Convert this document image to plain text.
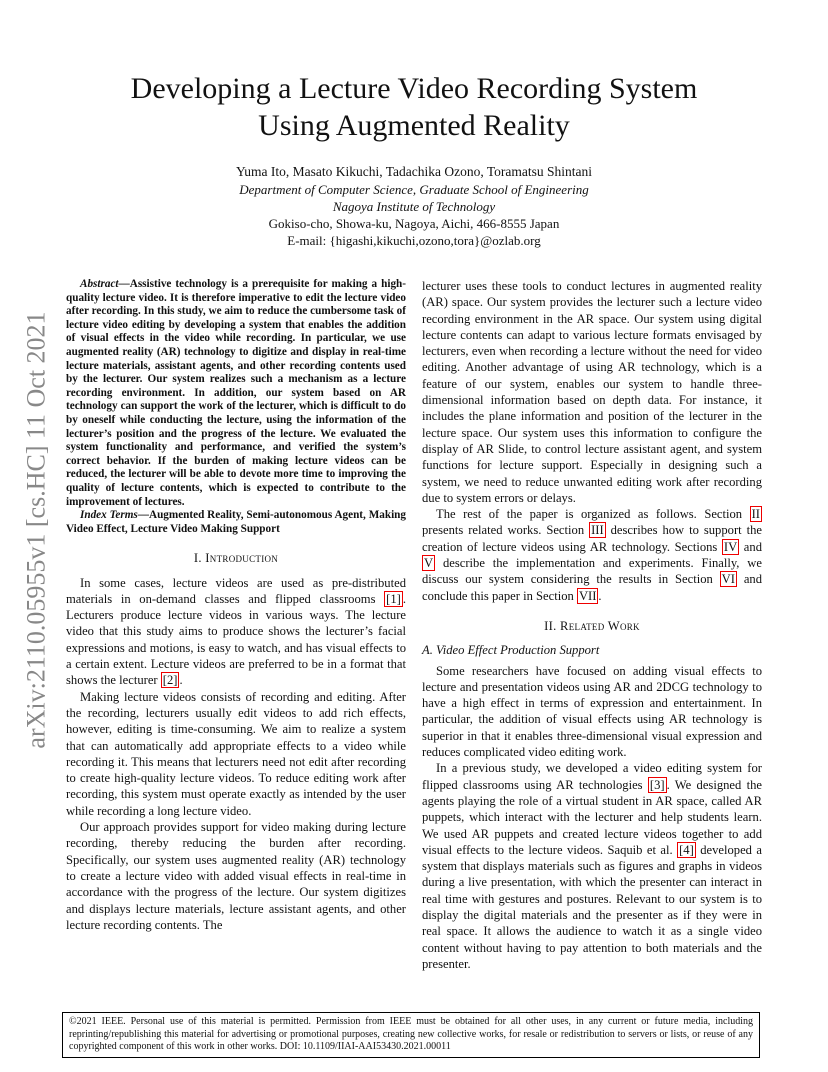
arXiv:2110.05955v1 [cs.HC] 11 Oct 2021
Developing a Lecture Video Recording System
Using Augmented Reality
Yuma Ito, Masato Kikuchi, Tadachika Ozono, Toramatsu Shintani
Department of Computer Science, Graduate School of Engineering
Nagoya Institute of Technology
Gokiso-cho, Showa-ku, Nagoya, Aichi, 466-8555 Japan
E-mail: {higashi,kikuchi,ozono,tora}@ozlab.org

Abstract—Assistive technology is a prerequisite for making a high-quality lecture video. It is therefore imperative to edit the lecture video after recording. In this study, we aim to reduce the cumbersome task of lecture video editing by developing a system that enables the addition of visual effects in the video while recording. In particular, we use augmented reality (AR) technology to digitize and display in real-time lecture materials, assistant agents, and other recording contents used by the lecturer. Our system realizes such a mechanism as a lecture recording environment. In addition, our system based on AR technology can support the work of the lecturer, which is difficult to do by oneself while conducting the lecture, using the information of the lecturer’s position and the progress of the lecture. We evaluated the system functionality and performance, and verified the system’s correct behavior. If the burden of making lecture videos can be reduced, the lecturer will be able to devote more time to improving the quality of lecture contents, which is expected to contribute to the improvement of lectures.

Index Terms—Augmented Reality, Semi-autonomous Agent, Making Video Effect, Lecture Video Making Support

I. Introduction

In some cases, lecture videos are used as pre-distributed materials in on-demand classes and flipped classrooms [1] . Lecturers produce lecture videos in various ways. The lecture video that this study aims to produce shows the lecturer’s facial expressions and motions, is easy to watch, and has visual effects to a certain extent. Lecture videos are preferred to be in a format that shows the lecturer [2] .

Making lecture videos consists of recording and editing. After the recording, lecturers usually edit videos to add rich effects, however, editing is time-consuming. We aim to realize a system that can automatically add appropriate effects to a video while recording it. This means that lecturers need not edit after recording to create high-quality lecture videos. To reduce editing work after recording, this system must operate exactly as intended by the user while recording a long lecture video.

Our approach provides support for video making during lecture recording, thereby reducing the burden after recording. Specifically, our system uses augmented reality (AR) technology to create a lecture video with added visual effects in real-time in accordance with the progress of the lecture. Our system digitizes and displays lecture materials, lecture assistant agents, and other lecture recording contents. The

lecturer uses these tools to conduct lectures in augmented reality (AR) space. Our system provides the lecturer such a lecture video recording environment in the AR space. Our system using digital lecture contents can adapt to various lecture formats envisaged by lecturers, even when recording a lecture without the need for video editing. Another advantage of using AR technology, which is a feature of our system, enables our system to handle three-dimensional information based on depth data. For instance, it includes the plane information and position of the lecturer in the lecture space. Our system uses this information to configure the display of AR Slide, to control lecture assistant agent, and system functions for lecture support. Especially in designing such a system, we need to reduce unwanted editing work after recording due to system errors or delays.

The rest of the paper is organized as follows. Section II presents related works. Section III describes how to support the creation of lecture videos using AR technology. Sections IV and V describe the implementation and experiments. Finally, we discuss our system considering the results in Section VI and conclude this paper in Section VII .

II. Related Work
A. Video Effect Production Support

Some researchers have focused on adding visual effects to lecture and presentation videos using AR and 2DCG technology to have a high effect in terms of expression and entertainment. In particular, the addition of visual effects using AR technology is superior in that it enables three-dimensional visual expression and reduces complicated video editing work.

In a previous study, we developed a video editing system for flipped classrooms using AR technologies [3] . We designed the agents playing the role of a virtual student in AR space, called AR puppets, which interact with the lecturer and help students learn. We used AR puppets and created lecture videos together to add visual effects to the lecture videos. Saquib et al. [4] developed a system that displays materials such as figures and graphs in videos during a live presentation, with which the presenter can interact in real time with gestures and postures. Relevant to our system is to display the digital materials and the presenter as if they were in real space. It allows the audience to watch it as a single video content without having to pay attention to both materials and the presenter.

©2021 IEEE. Personal use of this material is permitted. Permission from IEEE must be obtained for all other uses, in any current or future media, including reprinting/republishing this material for advertising or promotional purposes, creating new collective works, for resale or redistribution to servers or lists, or reuse of any copyrighted component of this work in other works. DOI: 10.1109/IIAI-AAI53430.2021.00011
